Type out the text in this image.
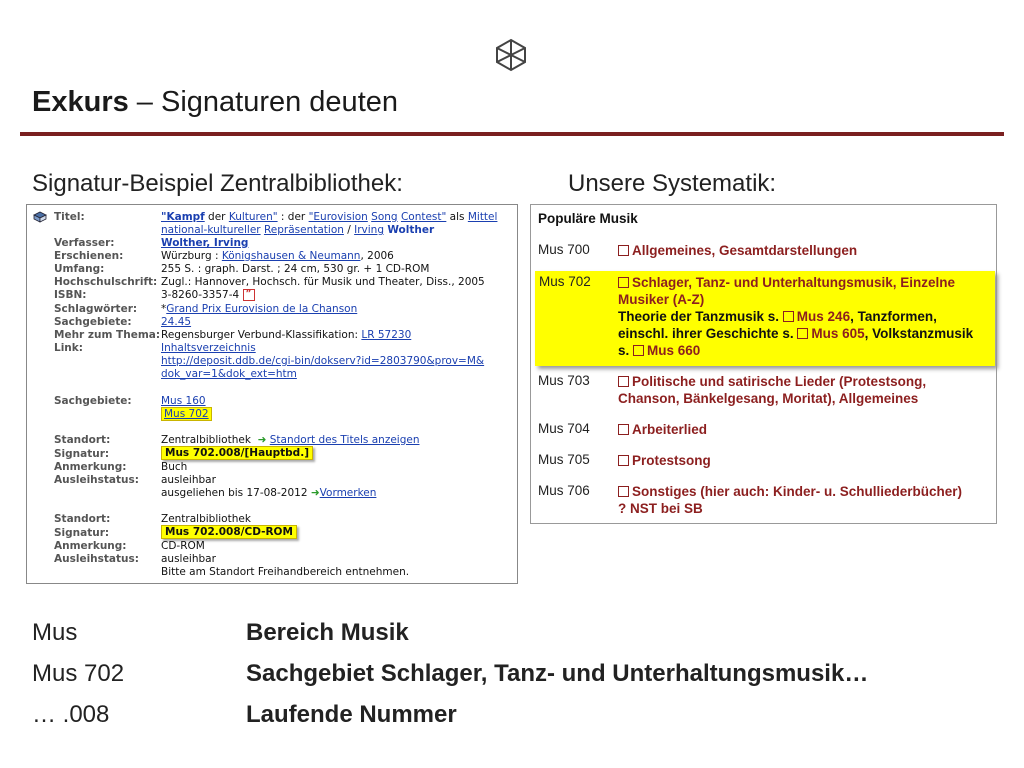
Exkurs – Signaturen deuten
Signatur-Beispiel Zentralbibliothek:	Unsere Systematik:
Titel:	"Kampf der Kulturen" : der "Eurovision Song Contest" als Mittel
national-kultureller Repräsentation / Irving Wolther
Verfasser:	Wolther, Irving
Erschienen:	Würzburg : Königshausen & Neumann, 2006
Umfang:	255 S. : graph. Darst. ; 24 cm, 530 gr. + 1 CD-ROM
Hochschulschrift: Zugl.: Hannover, Hochsch. für Musik und Theater, Diss., 2005
ISBN:	3-8260-3357-4 ”
Schlagwörter: *Grand Prix Eurovision de la Chanson
Sachgebiete:	24.45
Mehr zum Thema: Regensburger Verbund-Klassifikation: LR 57230
Link:	Inhaltsverzeichnis
http://deposit.ddb.de/cgi-bin/dokserv?id=2803790&prov=M&
dok_var=1&dok_ext=htm
Sachgebiete:	Mus 160
Mus 702
Standort:	Zentralbibliothek ➜ Standort des Titels anzeigen
Signatur:	Mus 702.008/[Hauptbd.]
Anmerkung:	Buch
Ausleihstatus: ausleihbar
ausgeliehen bis 17-08-2012 ➜Vormerken
Standort:	Zentralbibliothek
Signatur:	Mus 702.008/CD-ROM
Anmerkung:	CD-ROM
Ausleihstatus: ausleihbar
Bitte am Standort Freihandbereich entnehmen.
Populäre Musik
Mus 700	Allgemeines, Gesamtdarstellungen
Mus 702	Schlager, Tanz- und Unterhaltungsmusik, Einzelne
Musiker (A-Z)
Theorie der Tanzmusik s. Mus 246, Tanzformen,
einschl. ihrer Geschichte s. Mus 605, Volkstanzmusik
s. Mus 660
Mus 703	Politische und satirische Lieder (Protestsong,
Chanson, Bänkelgesang, Moritat), Allgemeines
Mus 704	Arbeiterlied
Mus 705	Protestsong
Mus 706	Sonstiges (hier auch: Kinder- u. Schulliederbücher)
? NST bei SB
Mus	Bereich Musik
Mus 702	Sachgebiet Schlager, Tanz- und Unterhaltungsmusik…
… .008	Laufende Nummer
